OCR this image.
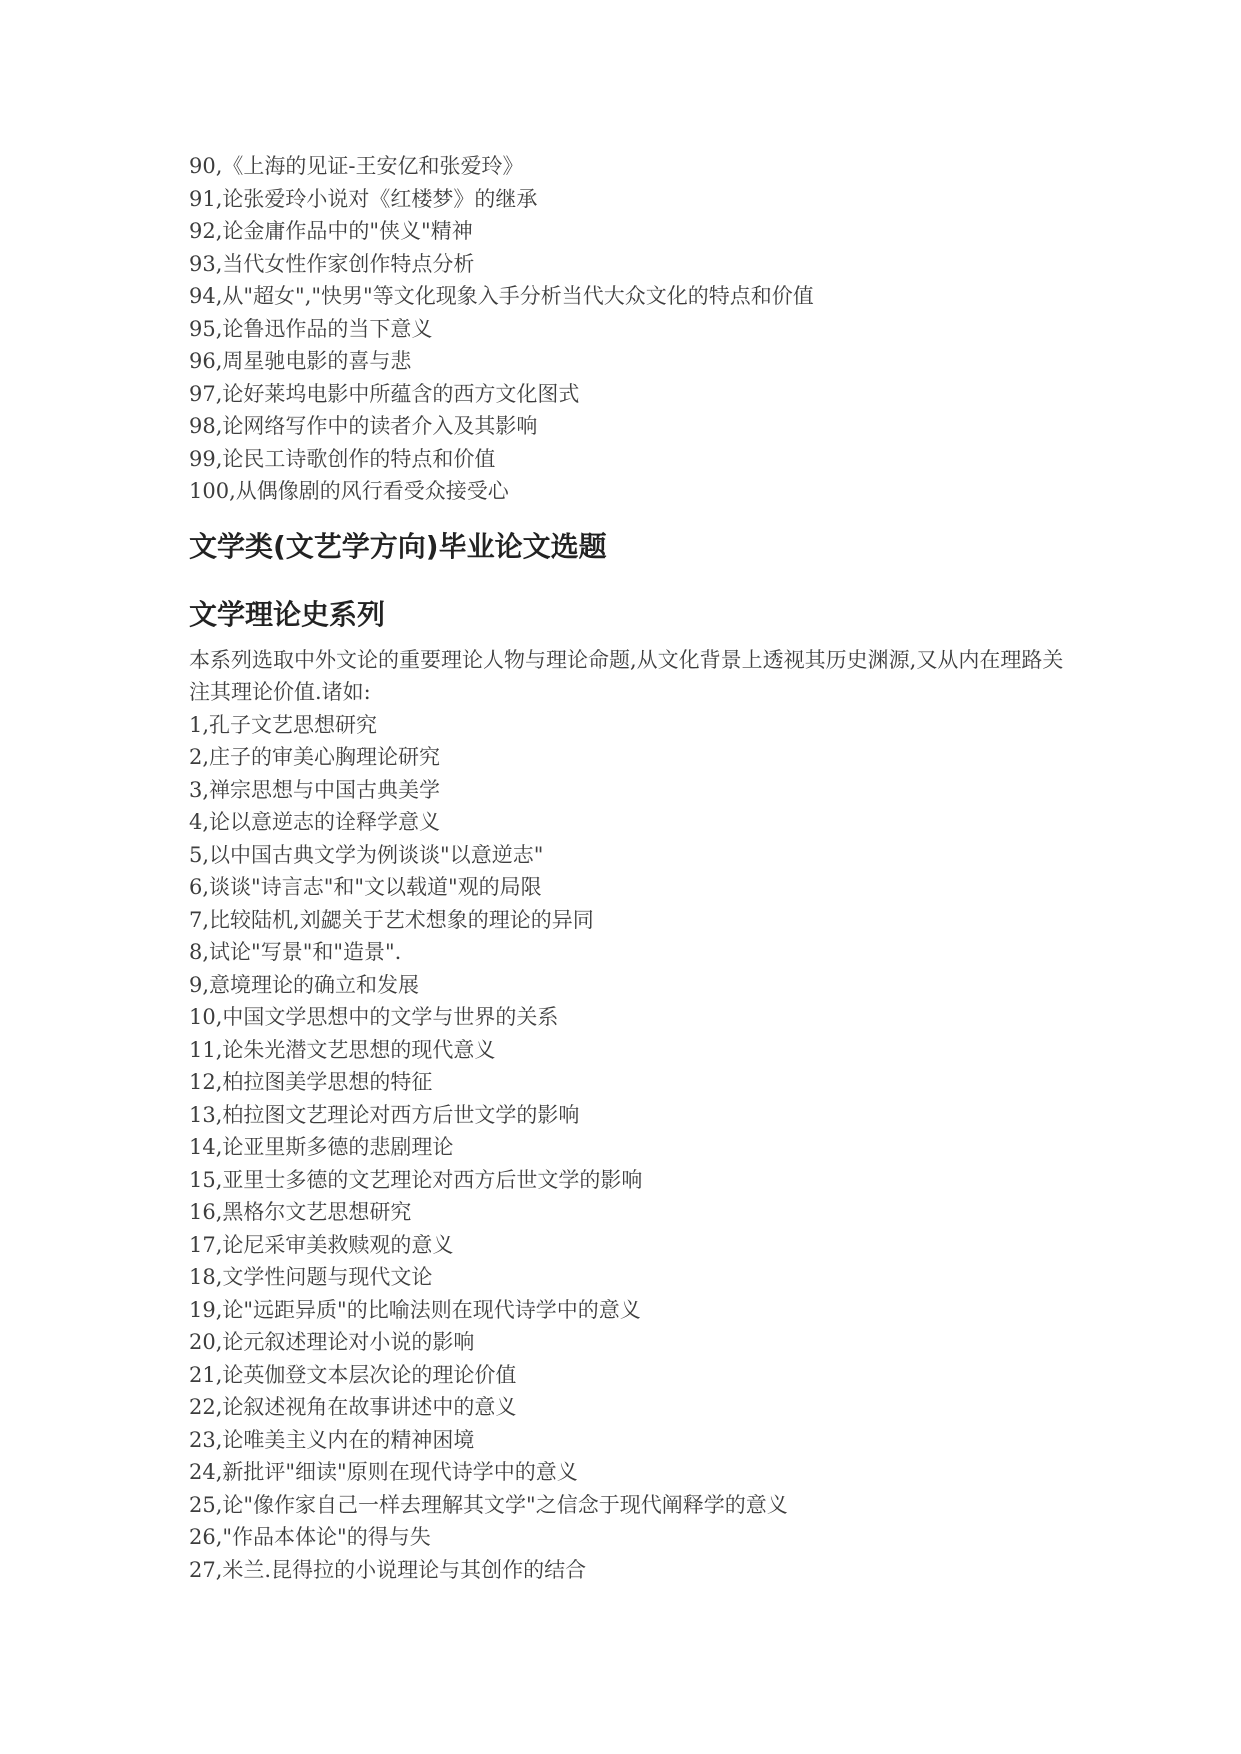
90,《上海的见证-王安亿和张爱玲》
91,论张爱玲小说对《红楼梦》的继承
92,论金庸作品中的"侠义"精神
93,当代女性作家创作特点分析
94,从"超女","快男"等文化现象入手分析当代大众文化的特点和价值
95,论鲁迅作品的当下意义
96,周星驰电影的喜与悲
97,论好莱坞电影中所蕴含的西方文化图式
98,论网络写作中的读者介入及其影响
99,论民工诗歌创作的特点和价值
100,从偶像剧的风行看受众接受心
文学类(文艺学方向)毕业论文选题
文学理论史系列
本系列选取中外文论的重要理论人物与理论命题,从文化背景上透视其历史渊源,又从内在理路关注其理论价值.诸如:
1,孔子文艺思想研究
2,庄子的审美心胸理论研究
3,禅宗思想与中国古典美学
4,论以意逆志的诠释学意义
5,以中国古典文学为例谈谈"以意逆志"
6,谈谈"诗言志"和"文以载道"观的局限
7,比较陆机,刘勰关于艺术想象的理论的异同
8,试论"写景"和"造景".
9,意境理论的确立和发展
10,中国文学思想中的文学与世界的关系
11,论朱光潜文艺思想的现代意义
12,柏拉图美学思想的特征
13,柏拉图文艺理论对西方后世文学的影响
14,论亚里斯多德的悲剧理论
15,亚里士多德的文艺理论对西方后世文学的影响
16,黑格尔文艺思想研究
17,论尼采审美救赎观的意义
18,文学性问题与现代文论
19,论"远距异质"的比喻法则在现代诗学中的意义
20,论元叙述理论对小说的影响
21,论英伽登文本层次论的理论价值
22,论叙述视角在故事讲述中的意义
23,论唯美主义内在的精神困境
24,新批评"细读"原则在现代诗学中的意义
25,论"像作家自己一样去理解其文学"之信念于现代阐释学的意义
26,"作品本体论"的得与失
27,米兰.昆得拉的小说理论与其创作的结合
